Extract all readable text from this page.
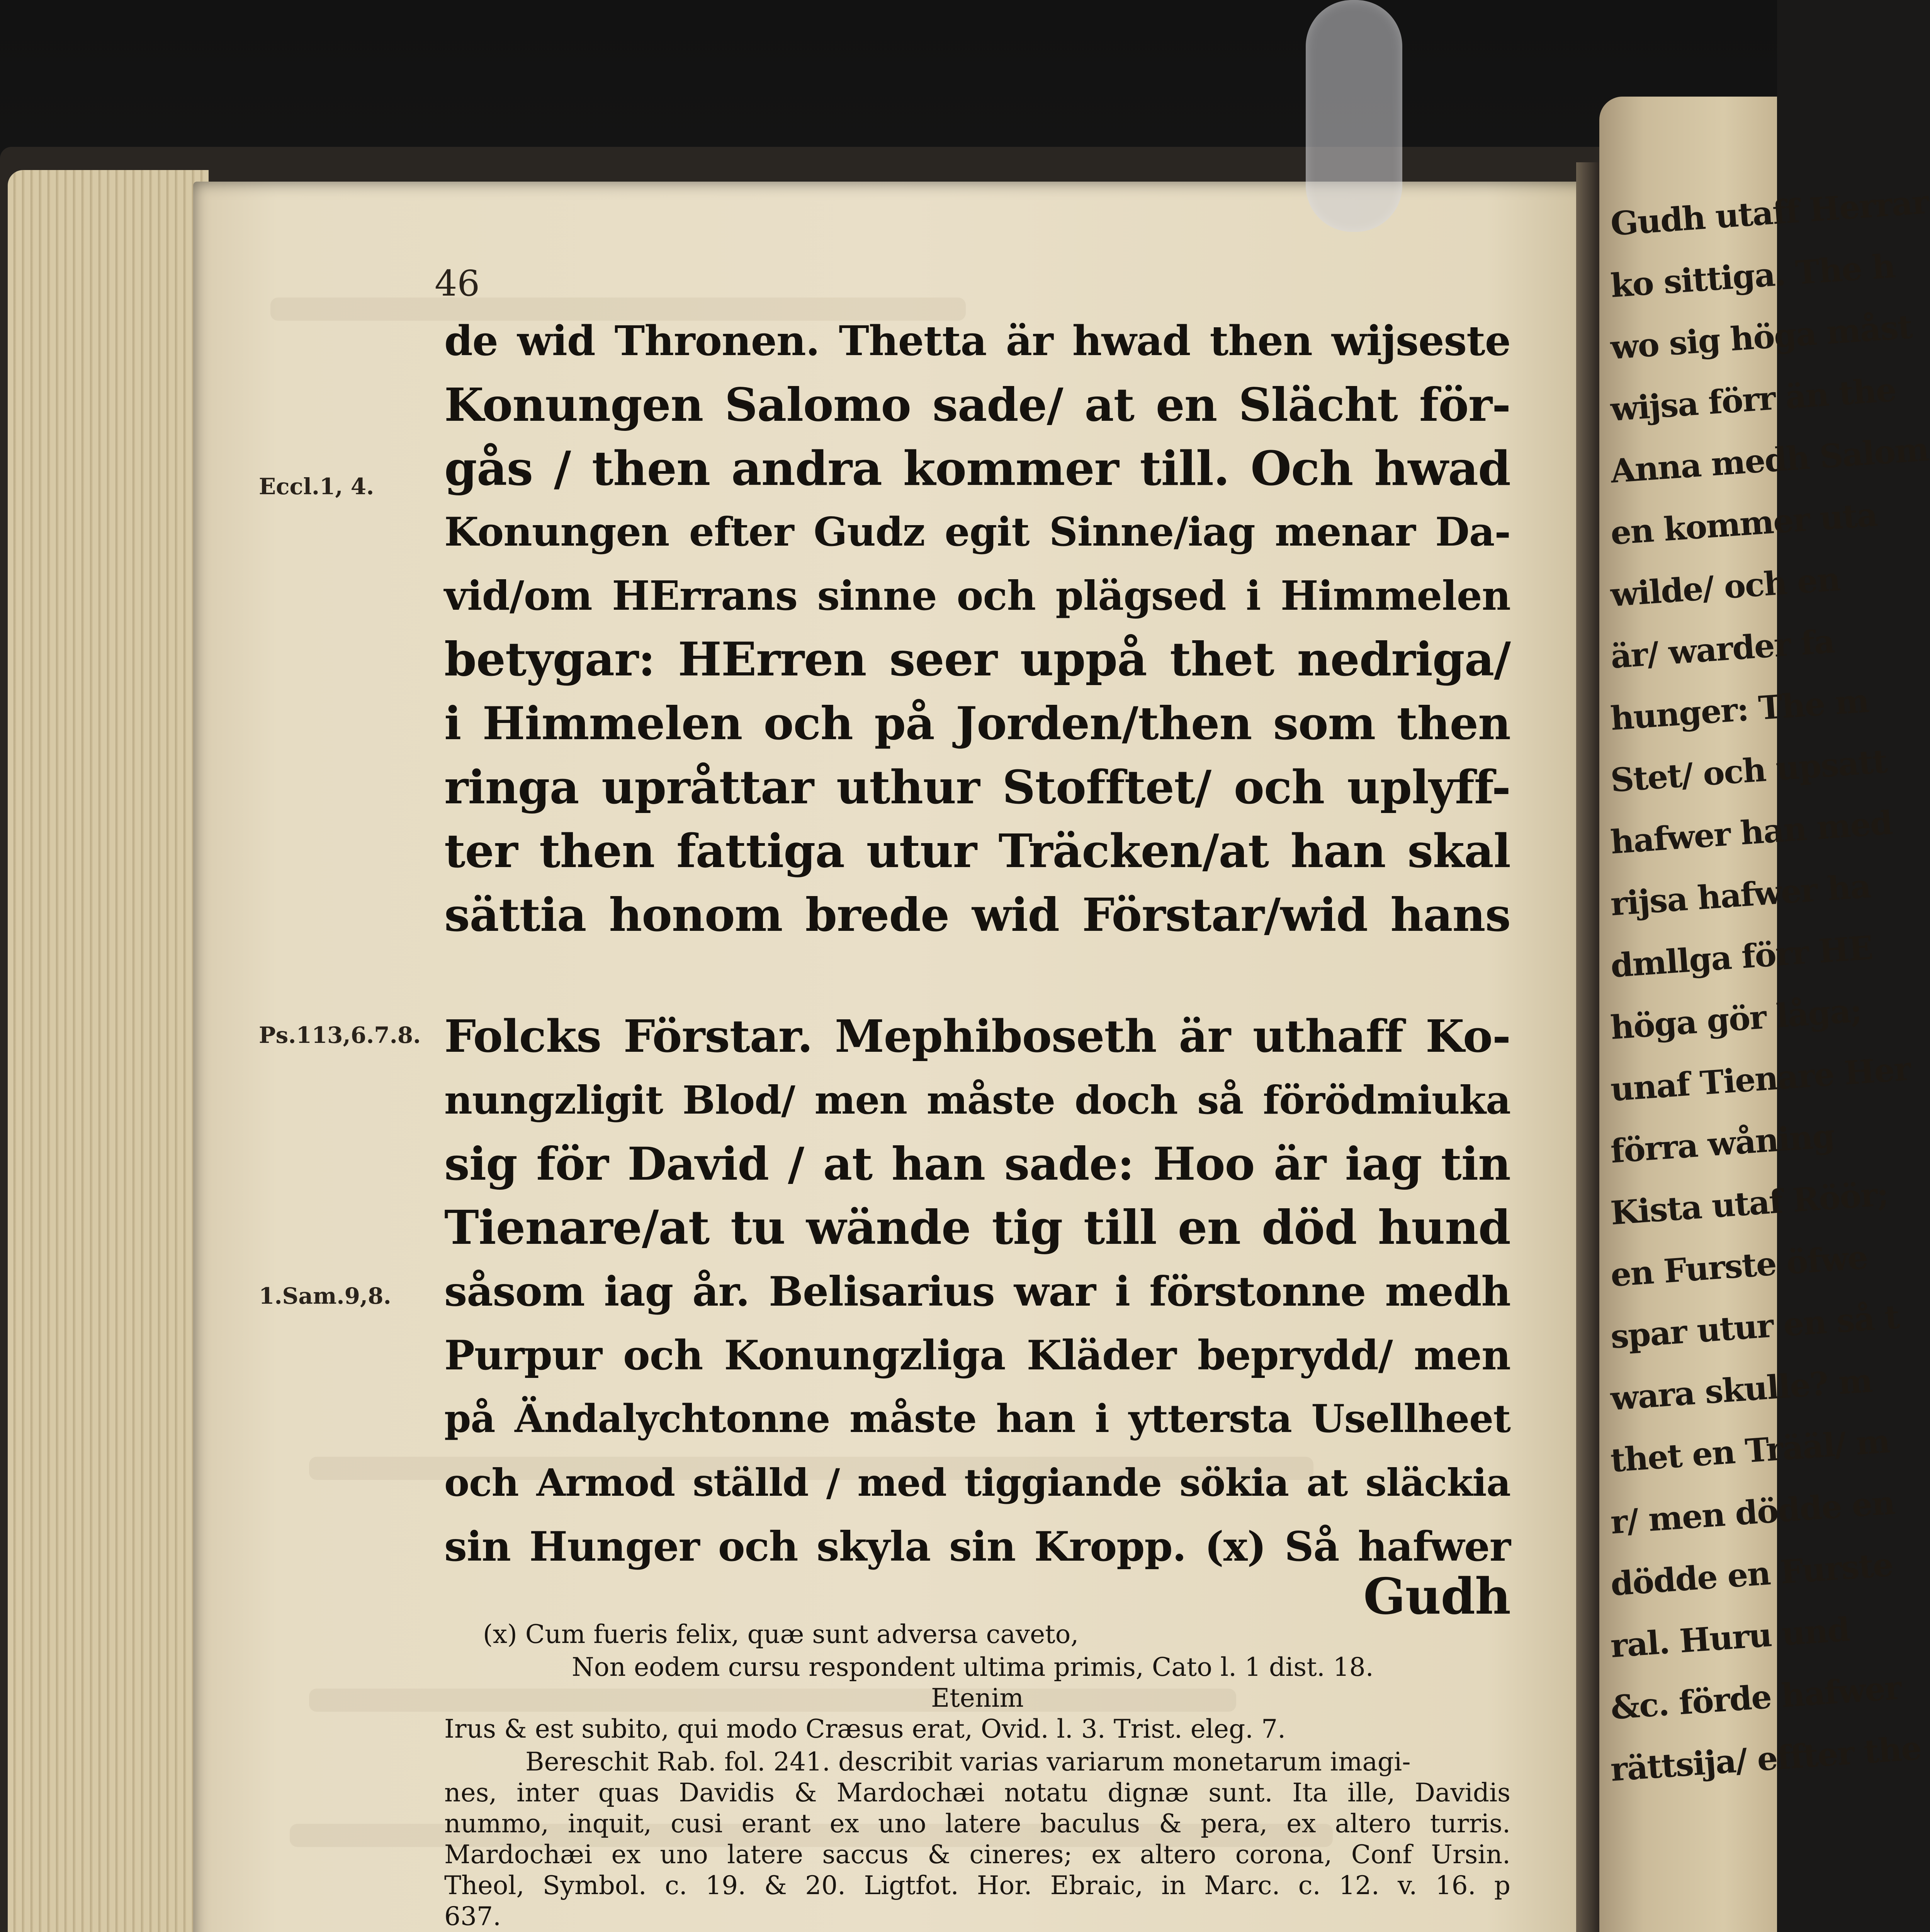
Gudh utaff Herrar
ko sittiga. Thе h
wo sig höga måst
wijsa förr än the
Annа medh Salom
en kommer uta
wilde/ och en
är/ warder fa
hunger: The m
Stet/ och upsatt
hafwer han med
rijsa hafwer ha
dmllga förr HE
höga gör låga;
unaf Tienare Her
förra wåning
Kista utaf Röör;
en Furste öfwe
spar utur en så t
wara skulle? m
thet en Trääl/ m
r/ men dödde en
dödde en Furste
ral. Huru und
&c. förde hafwer
rättsija/ effter the
46
Eccl.1, 4.
Ps.113,6.7.8.
1.Sam.9,8.
de wid Thronen. Thetta är hwad then wijseste
Konungen Salomo sade/ at en Slächt för-
gås / then andra kommer till. Och hwad
Konungen efter Gudz egit Sinne/iag menar Da-
vid/om HErrans sinne och plägsed i Himmelen
betygar: HErren seer uppå thet nedriga/
i Himmelen och på Jorden/then som then
ringa upråttar uthur Stofftet/ och uplyff-
ter then fattiga utur Träcken/at han skal
sättia honom brede wid Förstar/wid hans
Folcks Förstar. Mephiboseth är uthaff Ko-
nungzligit Blod/ men måste doch så förödmiuka
sig för David / at han sade: Hoo är iag tin
Tienare/at tu wände tig till en död hund
såsom iag år. Belisarius war i förstonne medh
Purpur och Konungzliga Kläder beprydd/ men
på Ändalychtonne måste han i ytterstа Usellheet
och Armod ställd / med tiggiande sökia at släckia
sin Hunger och skyla sin Kropp. (x) Så hafwer
Gudh
(x) Cum fueris felix, quæ sunt adversa caveto,
Non eodem cursu respondent ultima primis, Cato l. 1 dist. 18.
Etenim
Irus & est subito, qui modo Cræsus erat, Ovid. l. 3. Trist. eleg. 7.
Bereschit Rab. fol. 241. describit varias variarum monetarum imagi-
nes, inter quas Davidis & Mardochæi notatu dignæ sunt. Ita ille, Davidis
nummo, inquit, cusi erant ex uno latere baculus & pera, ex altero turris.
Mardochæi ex uno latere saccus & cineres; ex altero corona, Conf Ursin.
Theol, Symbol. c. 19. & 20. Ligtfot. Hor. Ebraic, in Marc. c. 12. v. 16. p
637.
